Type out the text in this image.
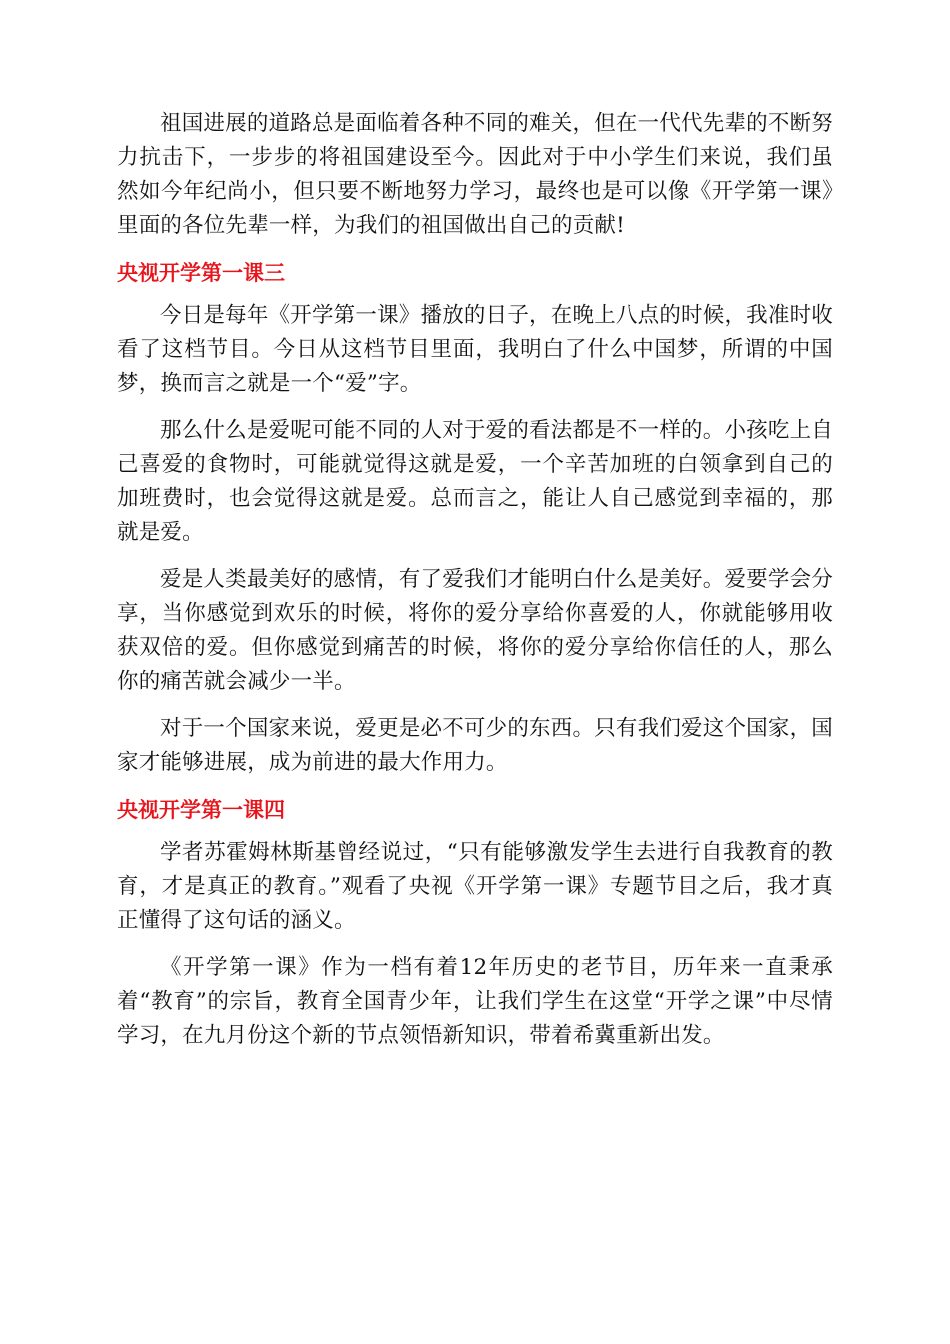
祖国进展的道路总是面临着各种不同的难关，但在一代代先辈的不断努力抗击下，一步步的将祖国建设至今。因此对于中小学生们来说，我们虽然如今年纪尚小，但只要不断地努力学习，最终也是可以像《开学第一课》里面的各位先辈一样，为我们的祖国做出自己的贡献!

央视开学第一课三

今日是每年《开学第一课》播放的日子，在晚上八点的时候，我准时收看了这档节目。今日从这档节目里面，我明白了什么中国梦，所谓的中国梦，换而言之就是一个“爱”字。

那么什么是爱呢可能不同的人对于爱的看法都是不一样的。小孩吃上自己喜爱的食物时，可能就觉得这就是爱，一个辛苦加班的白领拿到自己的加班费时，也会觉得这就是爱。总而言之，能让人自己感觉到幸福的，那就是爱。

爱是人类最美好的感情，有了爱我们才能明白什么是美好。爱要学会分享，当你感觉到欢乐的时候，将你的爱分享给你喜爱的人，你就能够用收获双倍的爱。但你感觉到痛苦的时候，将你的爱分享给你信任的人，那么你的痛苦就会减少一半。

对于一个国家来说，爱更是必不可少的东西。只有我们爱这个国家，国家才能够进展，成为前进的最大作用力。

央视开学第一课四

学者苏霍姆林斯基曾经说过，“只有能够激发学生去进行自我教育的教育，才是真正的教育。”观看了央视《开学第一课》专题节目之后，我才真正懂得了这句话的涵义。

《开学第一课》作为一档有着12年历史的老节目，历年来一直秉承着“教育”的宗旨，教育全国青少年，让我们学生在这堂“开学之课”中尽情学习，在九月份这个新的节点领悟新知识，带着希冀重新出发。
